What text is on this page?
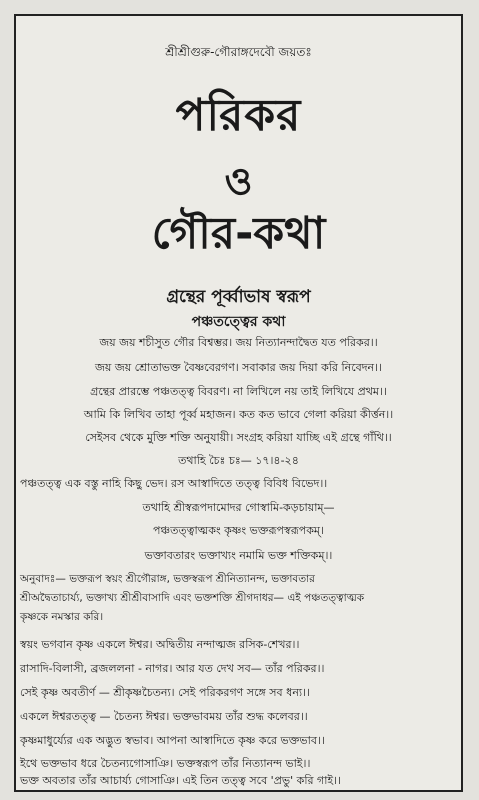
শ্রীশ্রীগুরু-গৌরাঙ্গদেবৌ জয়তঃ
পরিকর
ও
গৌর-কথা
গ্রন্থের পূর্ব্বাভাষ স্বরূপ
পঞ্চতত্ত্বের কথা
জয় জয় শচীসুত গৌর বিশ্বম্ভর। জয় নিত্যানন্দাদ্বৈত যত পরিকর।।
জয় জয় শ্রোতাভক্ত বৈষ্ণবেরগণ। সবাকার জয় দিয়া করি নিবেদন।।
গ্রন্থের প্রারম্ভে পঞ্চতত্ত্ব বিবরণ। না লিখিলে নয় তাই লিখিযে প্রথম।।
আমি কি লিখিব তাহা পূর্ব্ব মহাজন। কত কত ভাবে গেলা করিয়া কীর্ত্তন।।
সেইসব থেকে মুক্তি শক্তি অনুযায়ী। সংগ্রহ করিয়া যাচ্ছি এই গ্রন্থে গাঁথি।।
তথাহি চৈঃ চঃ— ১৭।৪-২৪
পঞ্চতত্ত্ব এক বস্তু নাহি কিছু ভেদ। রস আস্বাদিতে তত্ত্ব বিবিধ বিভেদ।।
তথাহি শ্রীস্বরূপদামোদর গোস্বামি-কড়চায়াম্—
পঞ্চতত্ত্বাত্মকং কৃষ্ণং ভক্তরূপস্বরূপকম্।
ভক্তাবতারং ভক্তাখ্যং নমামি ভক্ত শক্তিকম্।।
অনুবাদঃ— ভক্তরূপ স্বয়ং শ্রীগৌরাঙ্গ, ভক্তস্বরূপ শ্রীনিত্যানন্দ, ভক্তাবতার
শ্রীঅদ্বৈতাচার্য্য, ভক্তাখ্য শ্রীশ্রীবাসাদি এবং ভক্তশক্তি শ্রীগদাধর— এই পঞ্চতত্ত্বাত্মক
কৃষ্ণকে নমস্কার করি।
স্বয়ং ভগবান কৃষ্ণ একলে ঈশ্বর। অদ্বিতীয় নন্দাত্মজ রসিক-শেখর।।
রাসাদি-বিলাসী, ব্রজললনা - নাগর। আর যত দেখ সব— তাঁর পরিকর।।
সেই কৃষ্ণ অবতীর্ণ — শ্রীকৃষ্ণচৈতন্য। সেই পরিকরগণ সঙ্গে সব ধন্য।।
একলে ঈশ্বরতত্ত্ব — চৈতন্য ঈশ্বর। ভক্তভাবময় তাঁর শুদ্ধ কলেবর।।
কৃষ্ণমাধুর্য্যের এক অদ্ভুত স্বভাব। আপনা আস্বাদিতে কৃষ্ণ করে ভক্তভাব।।
ইথে ভক্তভাব ধরে চৈতন্যগোসাঞি। ভক্তস্বরূপ তাঁর নিত্যানন্দ ভাই।।
ভক্ত অবতার তাঁর আচার্য্য গোসাঞি। এই তিন তত্ত্ব সবে 'প্রভু' করি গাই।।
